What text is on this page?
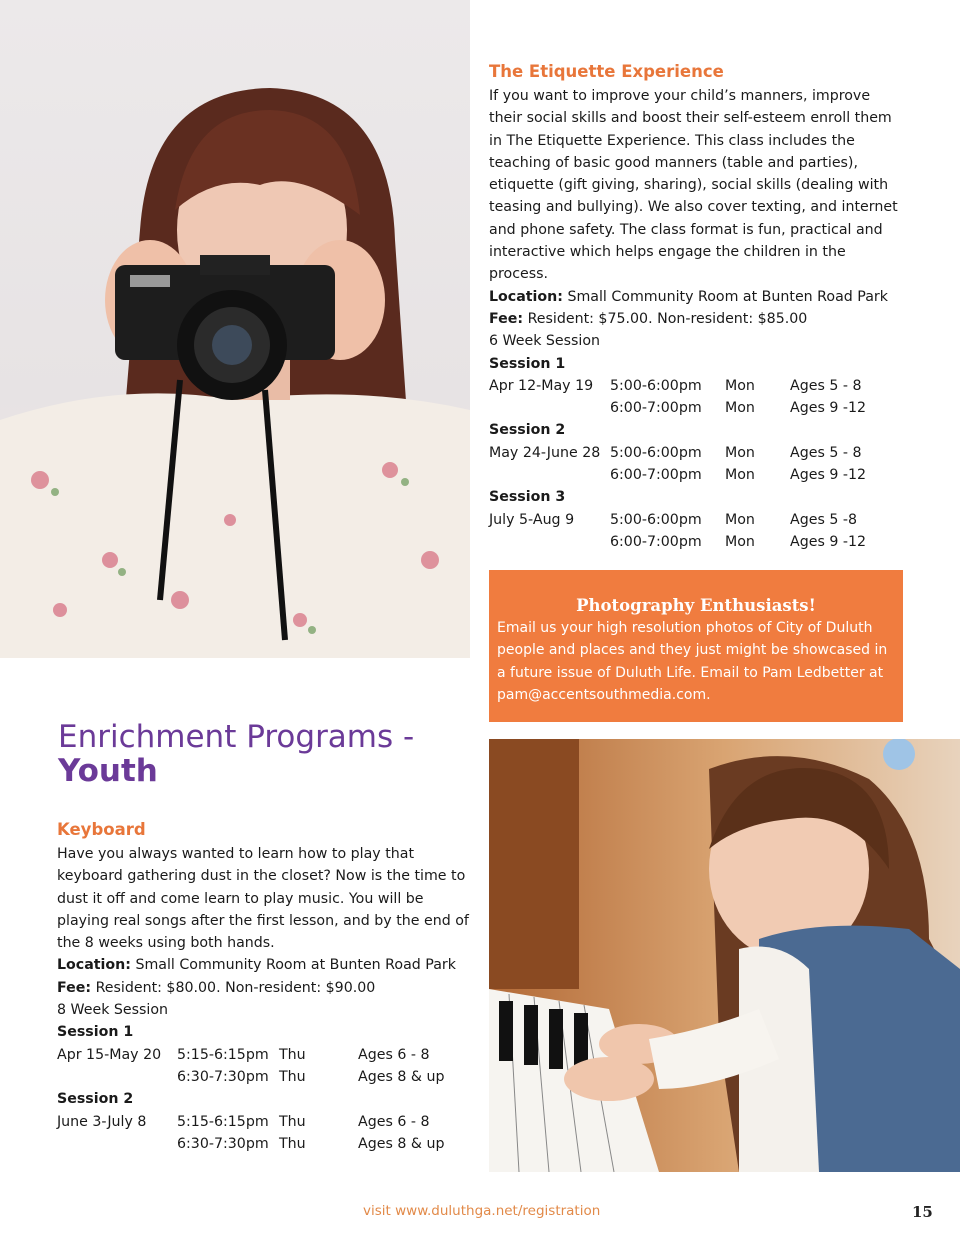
The Etiquette Experience

If you want to improve your child’s manners, improve their social skills and boost their self-esteem enroll them in The Etiquette Experience. This class includes the teaching of basic good manners (table and parties), etiquette (gift giving, sharing), social skills (dealing with teasing and bullying). We also cover texting, and internet and phone safety. The class format is fun, practical and interactive which helps engage the children in the process.

Location: Small Community Room at Bunten Road Park
Fee: Resident: $75.00. Non-resident: $85.00
6 Week Session
Session 1
Apr 12-May 19	5:00-6:00pm	Mon	Ages 5 - 8
6:00-7:00pm	Mon	Ages 9 -12
Session 2
May 24-June 28 5:00-6:00pm	Mon	Ages 5 - 8
6:00-7:00pm	Mon	Ages 9 -12
Session 3
July 5-Aug 9	5:00-6:00pm	Mon	Ages 5 -8
6:00-7:00pm	Mon	Ages 9 -12
Photography Enthusiasts!
Email us your high resolution photos of City of Duluth people and places and they just might be showcased in a future issue of Duluth Life. Email to Pam Ledbetter at pam@accentsouthmedia.com.
Enrichment Programs -
Youth
Keyboard

Have you always wanted to learn how to play that keyboard gathering dust in the closet? Now is the time to dust it off and come learn to play music. You will be playing real songs after the first lesson, and by the end of the 8 weeks using both hands.

Location: Small Community Room at Bunten Road Park
Fee: Resident: $80.00. Non-resident: $90.00
8 Week Session
Session 1
Apr 15-May 20	5:15-6:15pm Thu	Ages 6 - 8
6:30-7:30pm Thu	Ages 8 & up
Session 2
June 3-July 8	5:15-6:15pm Thu	Ages 6 - 8
6:30-7:30pm Thu	Ages 8 & up
visit www.duluthga.net/registration	15
